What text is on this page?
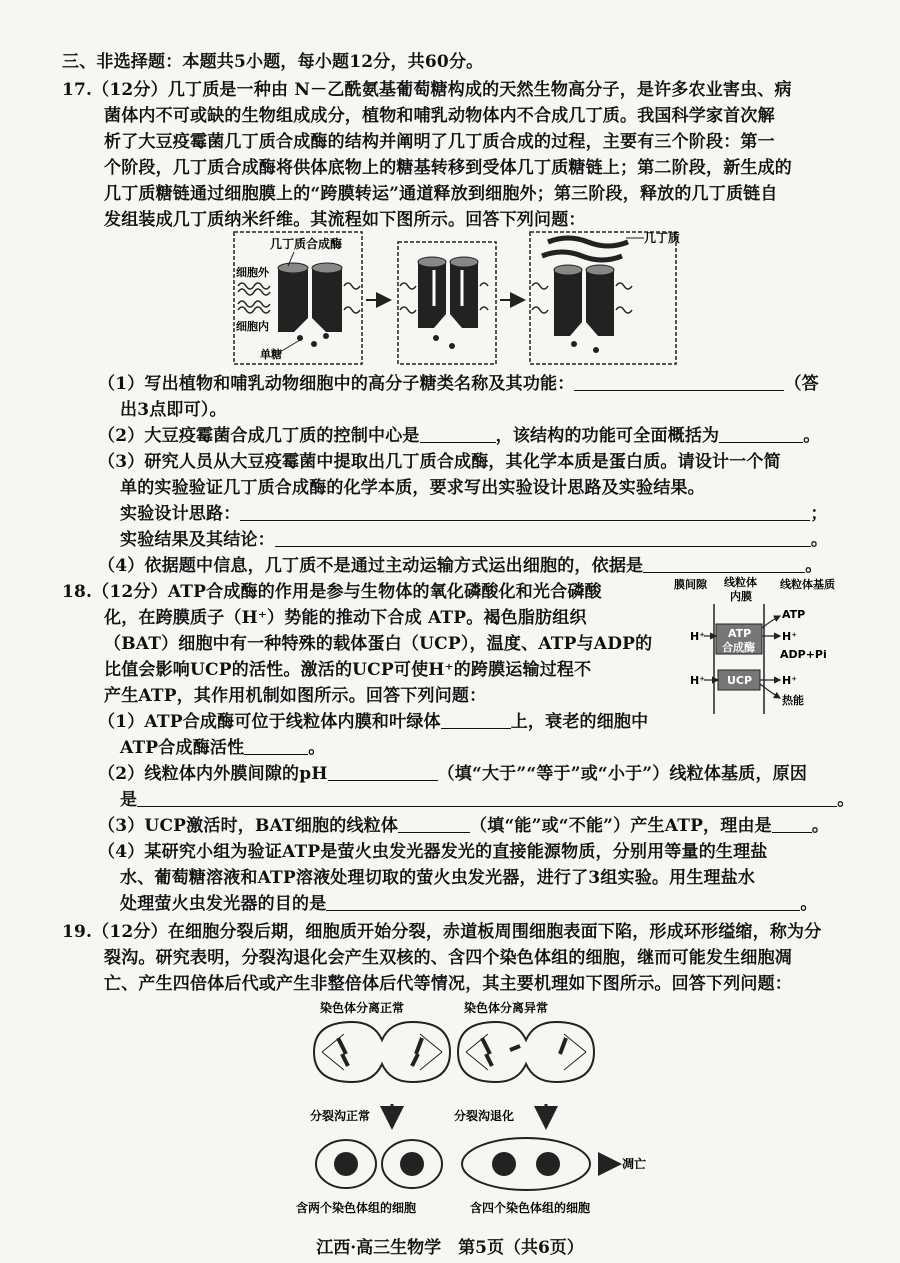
三、非选择题：本题共5小题，每小题12分，共60分。
17.（12分）几丁质是一种由 N－乙酰氨基葡萄糖构成的天然生物高分子，是许多农业害虫、病
菌体内不可或缺的生物组成成分，植物和哺乳动物体内不合成几丁质。我国科学家首次解
析了大豆疫霉菌几丁质合成酶的结构并阐明了几丁质合成的过程，主要有三个阶段：第一
个阶段，几丁质合成酶将供体底物上的糖基转移到受体几丁质糖链上；第二阶段，新生成的
几丁质糖链通过细胞膜上的“跨膜转运”通道释放到细胞外；第三阶段，释放的几丁质链自
发组装成几丁质纳米纤维。其流程如下图所示。回答下列问题：
几丁质合成酶
细胞外
细胞内
单糖
几丁质
（1）写出植物和哺乳动物细胞中的高分子糖类名称及其功能：	（答
出3点即可）。
（2）大豆疫霉菌合成几丁质的控制中心是	，该结构的功能可全面概括为	。
（3）研究人员从大豆疫霉菌中提取出几丁质合成酶，其化学本质是蛋白质。请设计一个简
单的实验验证几丁质合成酶的化学本质，要求写出实验设计思路及实验结果。
实验设计思路：	；
实验结果及其结论：	。
（4）依据题中信息，几丁质不是通过主动运输方式运出细胞的，依据是	。
18.（12分）ATP合成酶的作用是参与生物体的氧化磷酸化和光合磷酸
化，在跨膜质子（H⁺）势能的推动下合成 ATP。褐色脂肪组织
（BAT）细胞中有一种特殊的载体蛋白（UCP），温度、ATP与ADP的
比值会影响UCP的活性。激活的UCP可使H⁺的跨膜运输过程不
产生ATP，其作用机制如图所示。回答下列问题：
膜间隙 线粒体
内膜
线粒体基质
ATP
合成酶
H⁺
ATP
H⁺
ADP+Pi
UCP
H⁺	H⁺
热能
（1）ATP合成酶可位于线粒体内膜和叶绿体	上，衰老的细胞中
ATP合成酶活性	。
（2）线粒体内外膜间隙的pH	（填“大于”“等于”或“小于”）线粒体基质，原因
是	。
（3）UCP激活时，BAT细胞的线粒体	（填“能”或“不能”）产生ATP，理由是 。
（4）某研究小组为验证ATP是萤火虫发光器发光的直接能源物质，分别用等量的生理盐
水、葡萄糖溶液和ATP溶液处理切取的萤火虫发光器，进行了3组实验。用生理盐水
处理萤火虫发光器的目的是	。
19.（12分）在细胞分裂后期，细胞质开始分裂，赤道板周围细胞表面下陷，形成环形缢缩，称为分
裂沟。研究表明，分裂沟退化会产生双核的、含四个染色体组的细胞，继而可能发生细胞凋
亡、产生四倍体后代或产生非整倍体后代等情况，其主要机理如下图所示。回答下列问题：
染色体分离正常	染色体分离异常
分裂沟正常	分裂沟退化
凋亡
含两个染色体组的细胞	含四个染色体组的细胞
江西·高三生物学　第5页（共6页）
